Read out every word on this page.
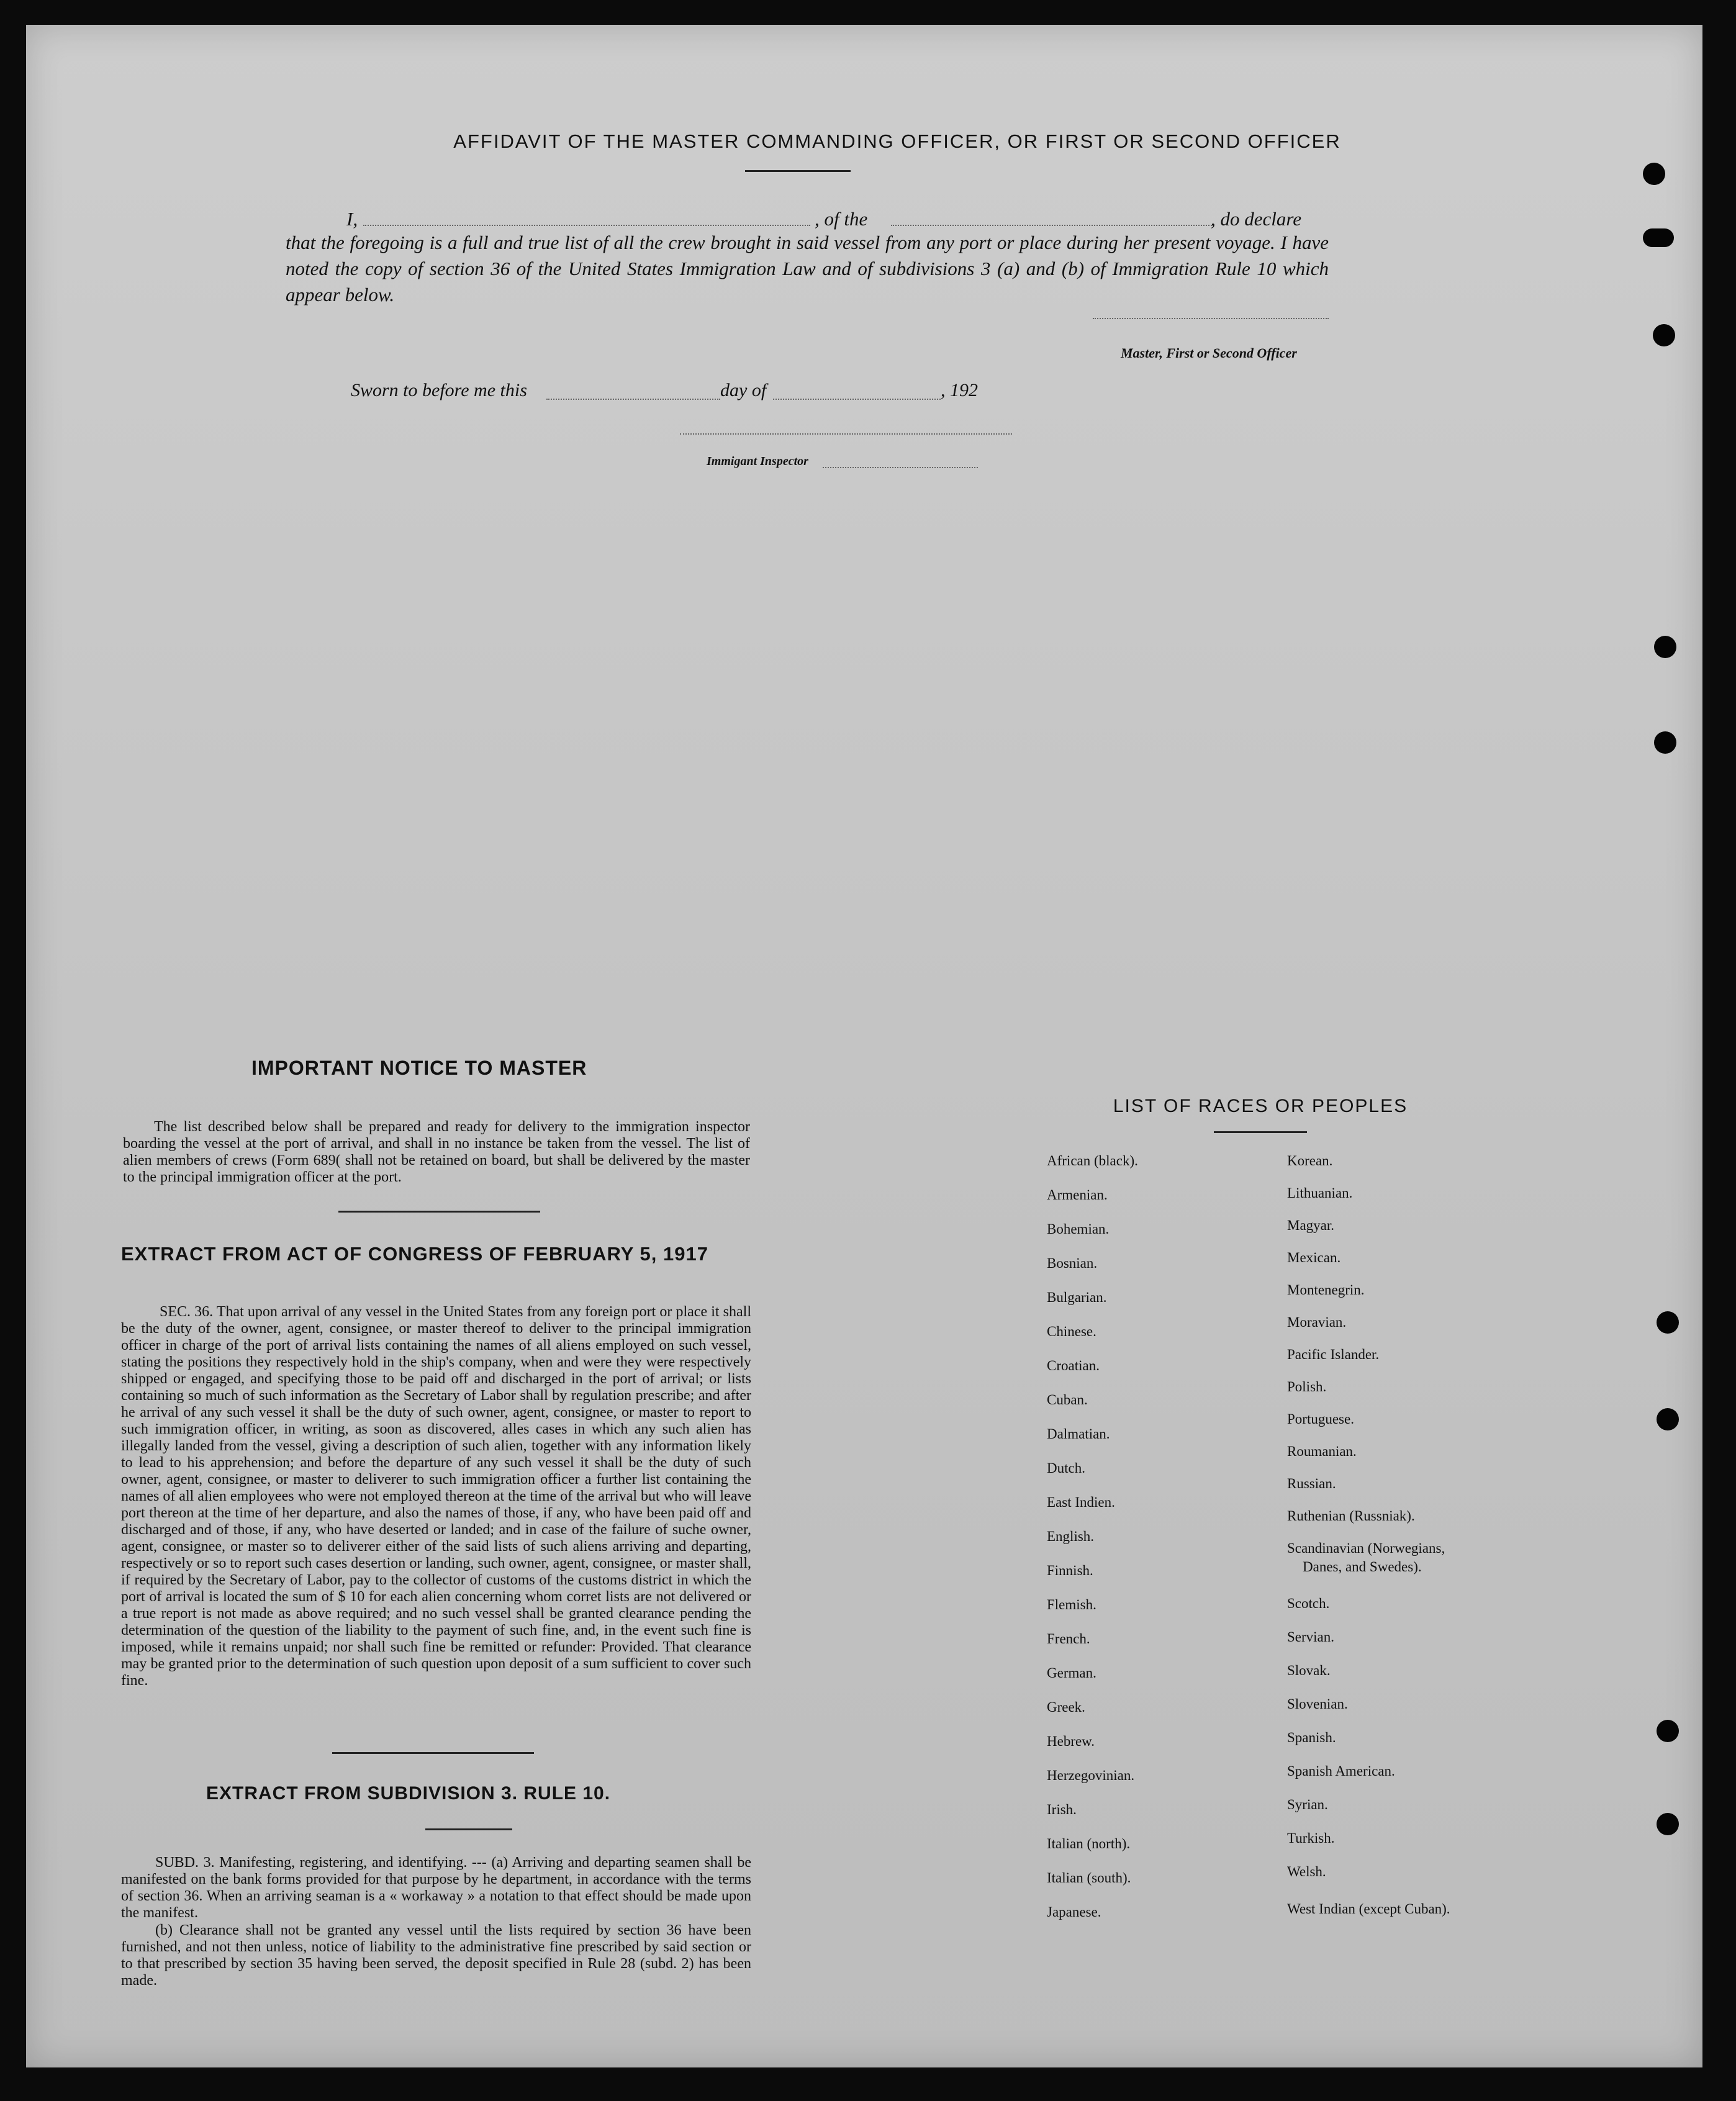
AFFIDAVIT OF THE MASTER COMMANDING OFFICER, OR FIRST OR SECOND OFFICER
I,	, of the	, do declare
that the foregoing is a full and true list of all the crew brought in said vessel from any port or place during her present voyage. I have noted the copy of section 36 of the United States Immigration Law and of subdivisions 3 (a) and (b) of Immigration Rule 10 which appear below.
Master, First or Second Officer
Sworn to before me this	day of	, 192
Immigant Inspector
IMPORTANT NOTICE TO MASTER
The list described below shall be prepared and ready for delivery to the immigration inspector boarding the vessel at the port of arrival, and shall in no instance be taken from the vessel. The list of alien members of crews (Form 689( shall not be retained on board, but shall be delivered by the master to the principal immigration officer at the port.
EXTRACT FROM ACT OF CONGRESS OF FEBRUARY 5, 1917
SEC. 36. That upon arrival of any vessel in the United States from any foreign port or place it shall be the duty of the owner, agent, consignee, or master thereof to deliver to the principal immigration officer in charge of the port of arrival lists containing the names of all aliens employed on such vessel, stating the positions they respectively hold in the ship's company, when and were they were respectively shipped or engaged, and specifying those to be paid off and discharged in the port of arrival; or lists containing so much of such information as the Secretary of Labor shall by regulation prescribe; and after he arrival of any such vessel it shall be the duty of such owner, agent, consignee, or master to report to such immigration officer, in writing, as soon as discovered, alles cases in which any such alien has illegally landed from the vessel, giving a description of such alien, together with any information likely to lead to his apprehension; and before the departure of any such vessel it shall be the duty of such owner, agent, consignee, or master to deliverer to such immigration officer a further list containing the names of all alien employees who were not employed thereon at the time of the arrival but who will leave port thereon at the time of her departure, and also the names of those, if any, who have been paid off and discharged and of those, if any, who have deserted or landed; and in case of the failure of suche owner, agent, consignee, or master so to deliverer either of the said lists of such aliens arriving and departing, respectively or so to report such cases desertion or landing, such owner, agent, consignee, or master shall, if required by the Secretary of Labor, pay to the collector of customs of the customs district in which the port of arrival is located the sum of $ 10 for each alien concerning whom corret lists are not delivered or a true report is not made as above required; and no such vessel shall be granted clearance pending the determination of the question of the liability to the payment of such fine, and, in the event such fine is imposed, while it remains unpaid; nor shall such fine be remitted or refunder: Provided. That clearance may be granted prior to the determination of such question upon deposit of a sum sufficient to cover such fine.
EXTRACT FROM SUBDIVISION 3. RULE 10.
SUBD. 3. Manifesting, registering, and identifying. --- (a) Arriving and departing seamen shall be manifested on the bank forms provided for that purpose by he department, in accordance with the terms of section 36. When an arriving seaman is a « workaway » a notation to that effect should be made upon the manifest.
(b) Clearance shall not be granted any vessel until the lists required by section 36 have been furnished, and not then unless, notice of liability to the administrative fine prescribed by said section or to that prescribed by section 35 having been served, the deposit specified in Rule 28 (subd. 2) has been made.
LIST OF RACES OR PEOPLES
African (black).
Armenian.
Bohemian.
Bosnian.
Bulgarian.
Chinese.
Croatian.
Cuban.
Dalmatian.
Dutch.
East Indien.
English.
Finnish.
Flemish.
French.
German.
Greek.
Hebrew.
Herzegovinian.
Irish.
Italian (north).
Italian (south).
Japanese.
Korean.
Lithuanian.
Magyar.
Mexican.
Montenegrin.
Moravian.
Pacific Islander.
Polish.
Portuguese.
Roumanian.
Russian.
Ruthenian (Russniak).
Scandinavian (Norwegians,
Danes, and Swedes).
Scotch.
Servian.
Slovak.
Slovenian.
Spanish.
Spanish American.
Syrian.
Turkish.
Welsh.
West Indian (except Cuban).
